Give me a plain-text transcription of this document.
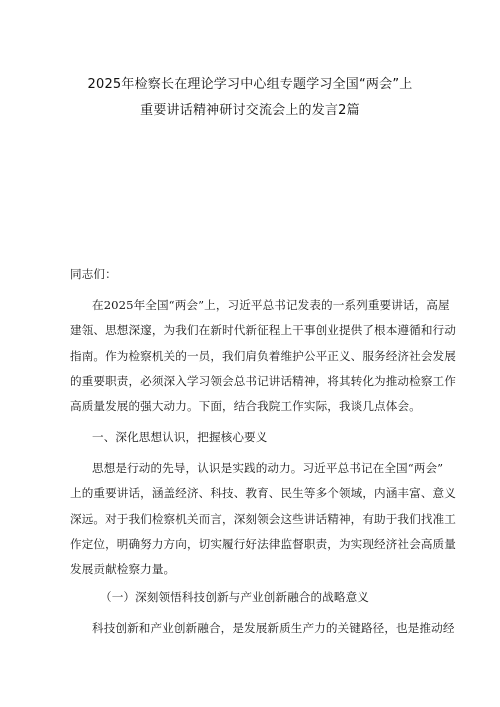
2025年检察长在理论学习中心组专题学习全国“两会”上
重要讲话精神研讨交流会上的发言2篇
同志们：
在2025年全国“两会”上，习近平总书记发表的一系列重要讲话，高屋
建瓴、思想深邃，为我们在新时代新征程上干事创业提供了根本遵循和行动
指南。作为检察机关的一员，我们肩负着维护公平正义、服务经济社会发展
的重要职责，必须深入学习领会总书记讲话精神，将其转化为推动检察工作
高质量发展的强大动力。下面，结合我院工作实际，我谈几点体会。
一、深化思想认识，把握核心要义
思想是行动的先导，认识是实践的动力。习近平总书记在全国“两会”
上的重要讲话，涵盖经济、科技、教育、民生等多个领域，内涵丰富、意义
深远。对于我们检察机关而言，深刻领会这些讲话精神，有助于我们找准工
作定位，明确努力方向，切实履行好法律监督职责，为实现经济社会高质量
发展贡献检察力量。
（一）深刻领悟科技创新与产业创新融合的战略意义
科技创新和产业创新融合，是发展新质生产力的关键路径，也是推动经
